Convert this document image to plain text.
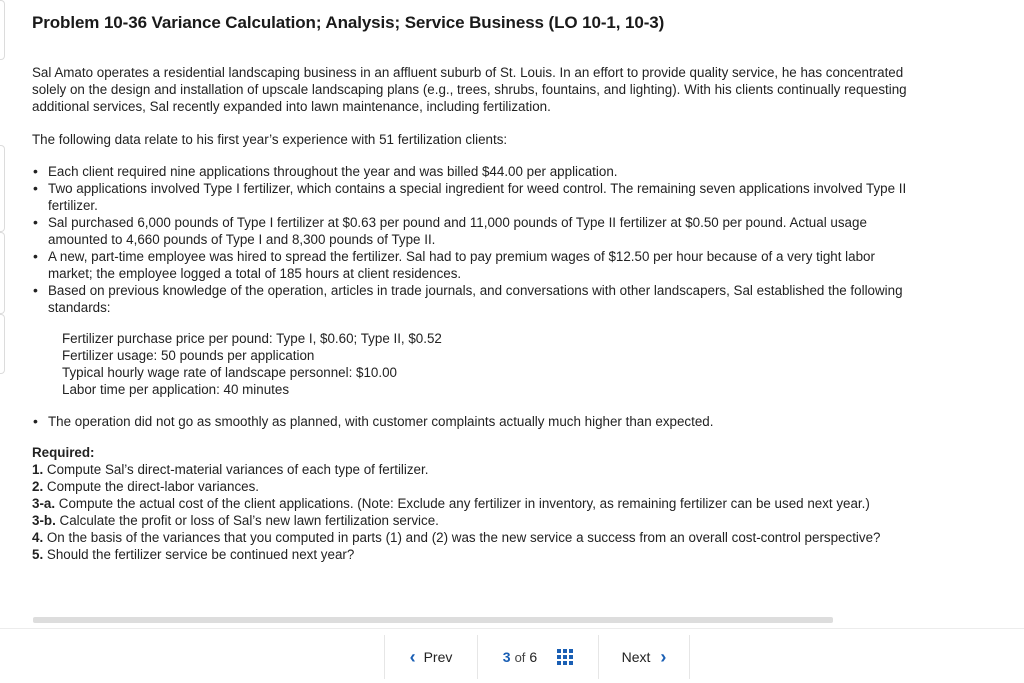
Problem 10-36 Variance Calculation; Analysis; Service Business (LO 10-1, 10-3)

Sal Amato operates a residential landscaping business in an affluent suburb of St. Louis. In an effort to provide quality service, he has concentrated solely on the design and installation of upscale landscaping plans (e.g., trees, shrubs, fountains, and lighting). With his clients continually requesting additional services, Sal recently expanded into lawn maintenance, including fertilization.

The following data relate to his first year’s experience with 51 fertilization clients:

• Each client required nine applications throughout the year and was billed $44.00 per application.
• Two applications involved Type I fertilizer, which contains a special ingredient for weed control. The remaining seven applications involved Type II fertilizer.
• Sal purchased 6,000 pounds of Type I fertilizer at $0.63 per pound and 11,000 pounds of Type II fertilizer at $0.50 per pound. Actual usage amounted to 4,660 pounds of Type I and 8,300 pounds of Type II.
• A new, part-time employee was hired to spread the fertilizer. Sal had to pay premium wages of $12.50 per hour because of a very tight labor market; the employee logged a total of 185 hours at client residences.
• Based on previous knowledge of the operation, articles in trade journals, and conversations with other landscapers, Sal established the following standards:
Fertilizer purchase price per pound: Type I, $0.60; Type II, $0.52
Fertilizer usage: 50 pounds per application
Typical hourly wage rate of landscape personnel: $10.00
Labor time per application: 40 minutes
• The operation did not go as smoothly as planned, with customer complaints actually much higher than expected.
Required:
1. Compute Sal’s direct-material variances of each type of fertilizer.
2. Compute the direct-labor variances.
3-a. Compute the actual cost of the client applications. (Note: Exclude any fertilizer in inventory, as remaining fertilizer can be used next year.)
3-b. Calculate the profit or loss of Sal’s new lawn fertilization service.
4. On the basis of the variances that you computed in parts (1) and (2) was the new service a success from an overall cost-control perspective?
5. Should the fertilizer service be continued next year?
‹ Prev	3 of 6	Next ›
